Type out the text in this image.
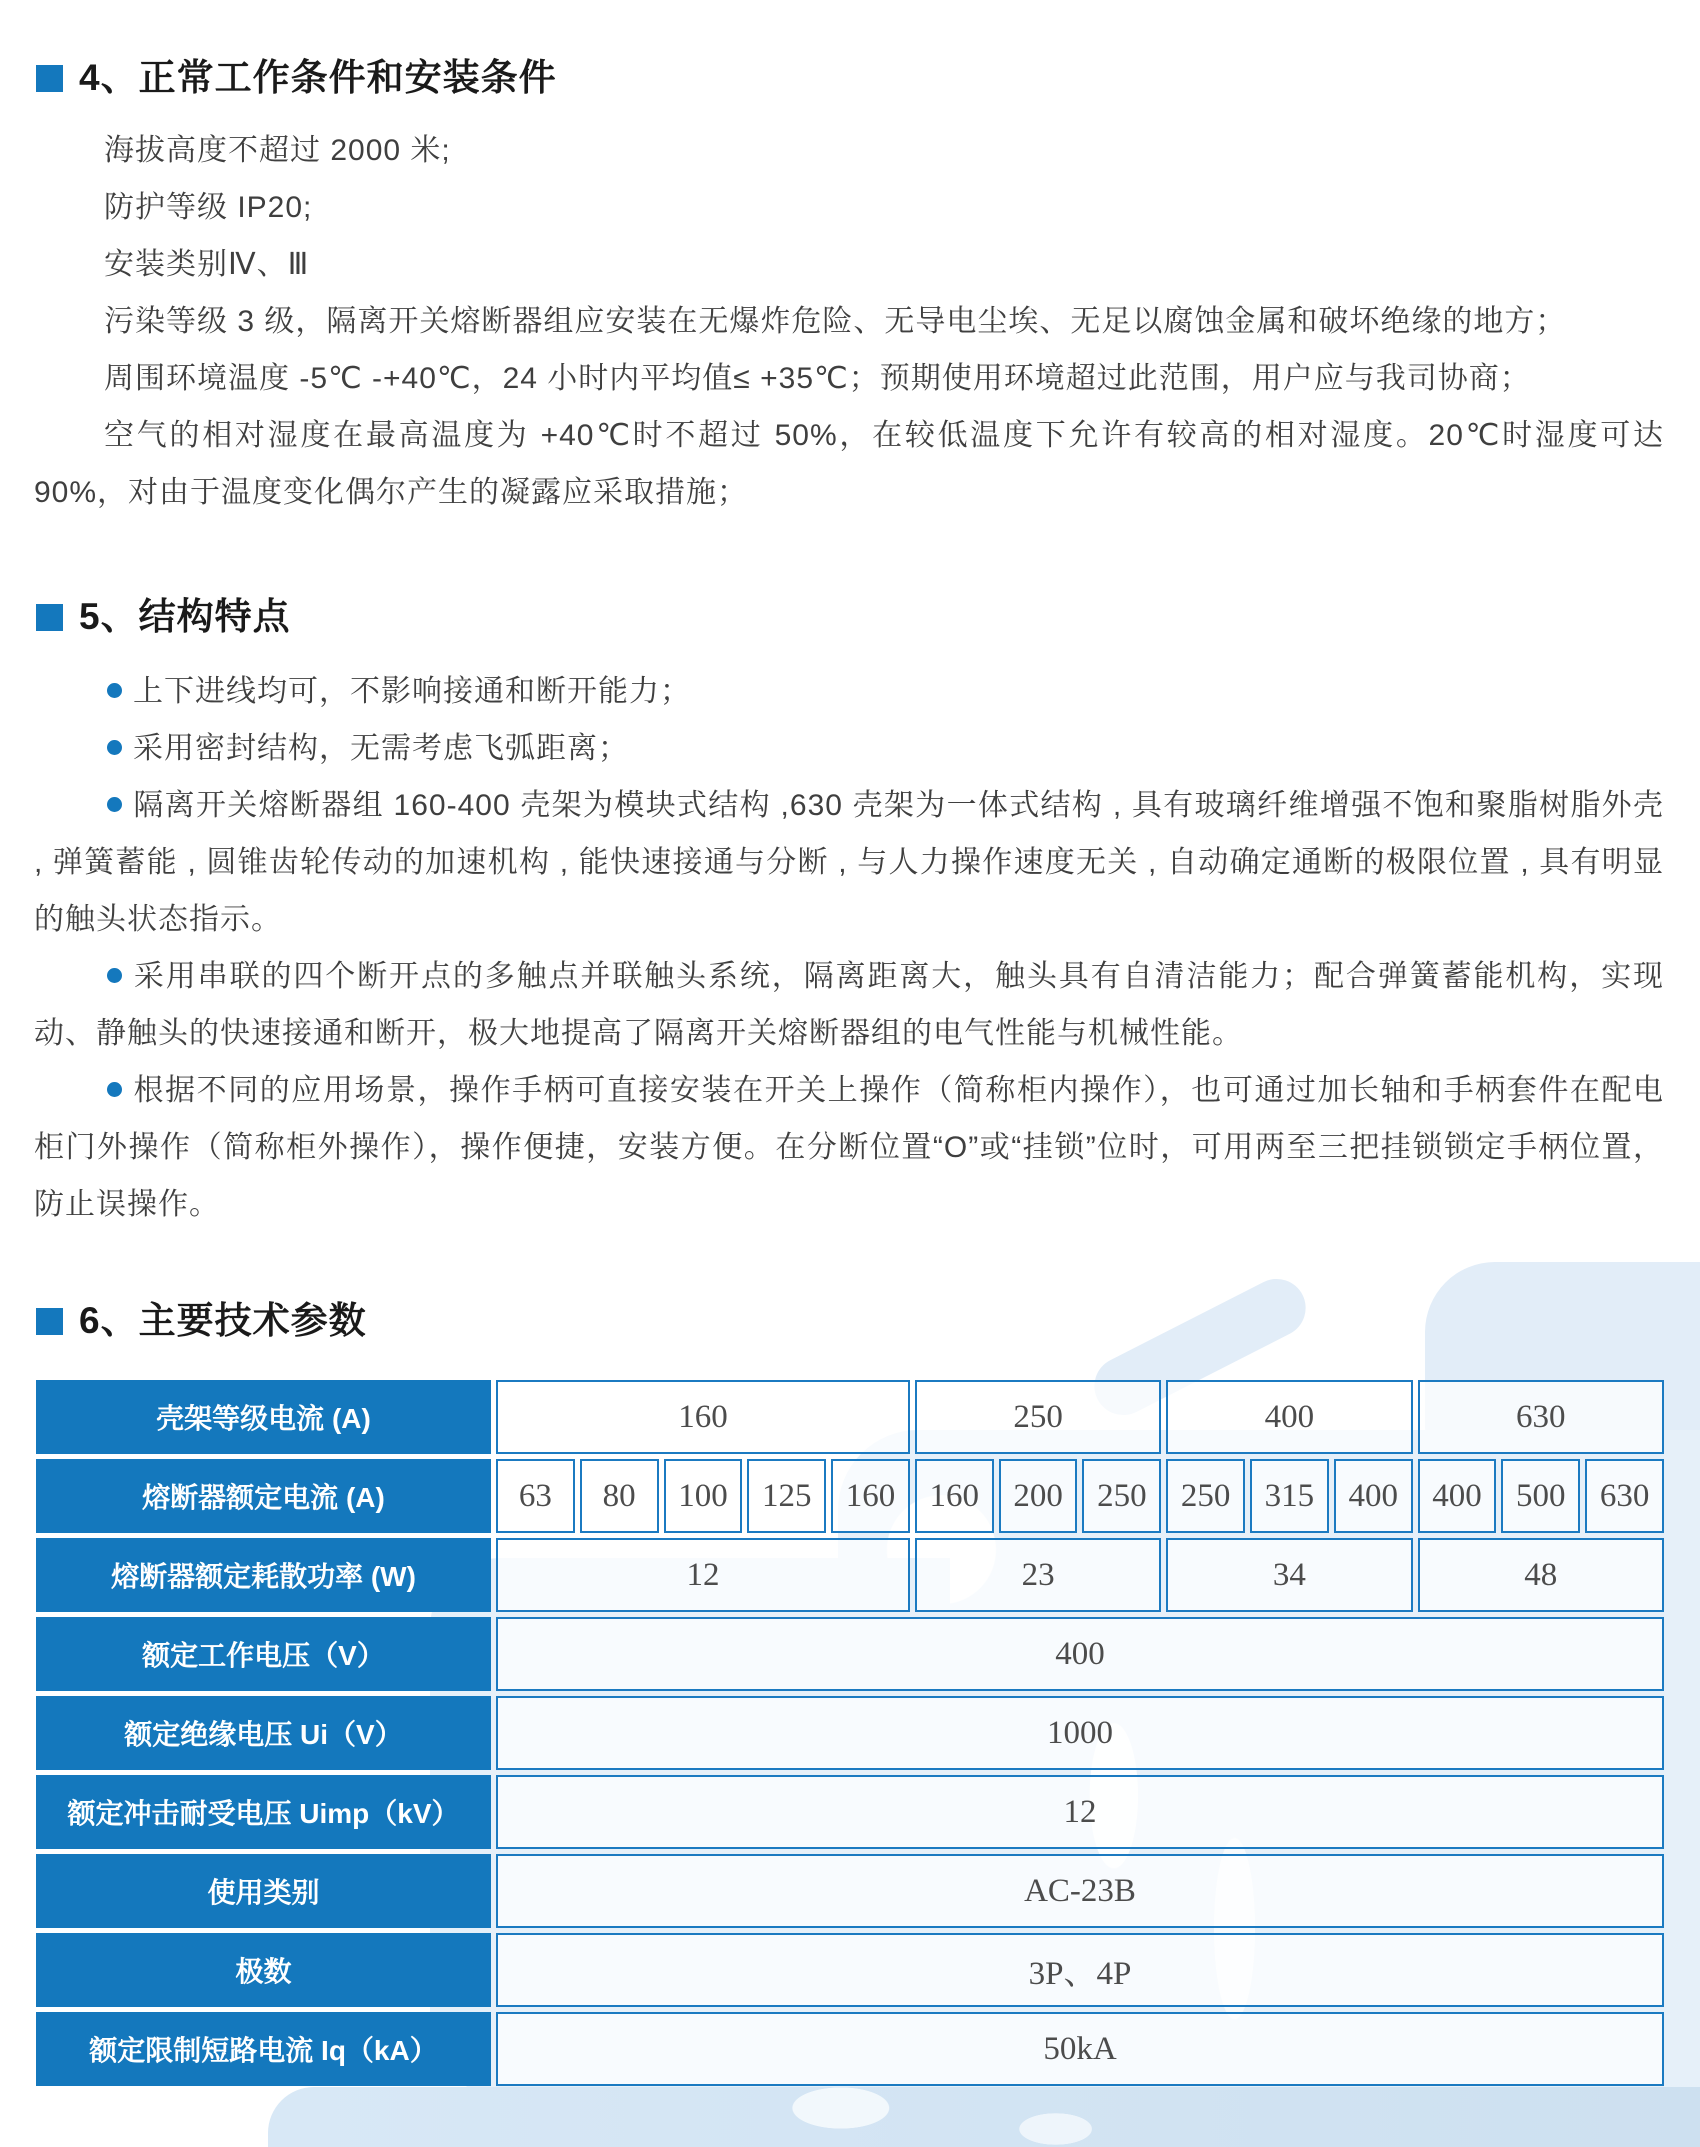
4、正常工作条件和安装条件

海拔高度不超过 2000 米;

防护等级 IP20;

安装类别Ⅳ、Ⅲ

污染等级 3 级，隔离开关熔断器组应安装在无爆炸危险、无导电尘埃、无足以腐蚀金属和破坏绝缘的地方；

周围环境温度 -5℃ -+40℃，24 小时内平均值≤ +35℃；预期使用环境超过此范围，用户应与我司协商；

空气的相对湿度在最高温度为 +40℃时不超过 50%，在较低温度下允许有较高的相对湿度。20℃时湿度可达 90%，对由于温度变化偶尔产生的凝露应采取措施；

5、结构特点

上下进线均可，不影响接通和断开能力；

采用密封结构，无需考虑飞弧距离；

隔离开关熔断器组 160-400 壳架为模块式结构 ,630 壳架为一体式结构 , 具有玻璃纤维增强不饱和聚脂树脂外壳 , 弹簧蓄能 , 圆锥齿轮传动的加速机构 , 能快速接通与分断 , 与人力操作速度无关 , 自动确定通断的极限位置 , 具有明显的触头状态指示。

采用串联的四个断开点的多触点并联触头系统，隔离距离大，触头具有自清洁能力；配合弹簧蓄能机构，实现动、静触头的快速接通和断开，极大地提高了隔离开关熔断器组的电气性能与机械性能。

根据不同的应用场景，操作手柄可直接安装在开关上操作（简称柜内操作），也可通过加长轴和手柄套件在配电柜门外操作（简称柜外操作），操作便捷，安装方便。在分断位置“O”或“挂锁”位时，可用两至三把挂锁锁定手柄位置，防止误操作。

6、主要技术参数
壳架等级电流 (A)	160					250			400			630		
熔断器额定电流 (A)	63	80	100	125	160	160	200	250	250	315	400	400	500	630
熔断器额定耗散功率 (W)	12					23			34			48		
额定工作电压（V）	400													
额定绝缘电压 Ui（V）	1000													
额定冲击耐受电压 Uimp（kV）	12													
使用类别	AC-23B													
极数	3P、4P													
额定限制短路电流 Iq（kA）	50kA													
